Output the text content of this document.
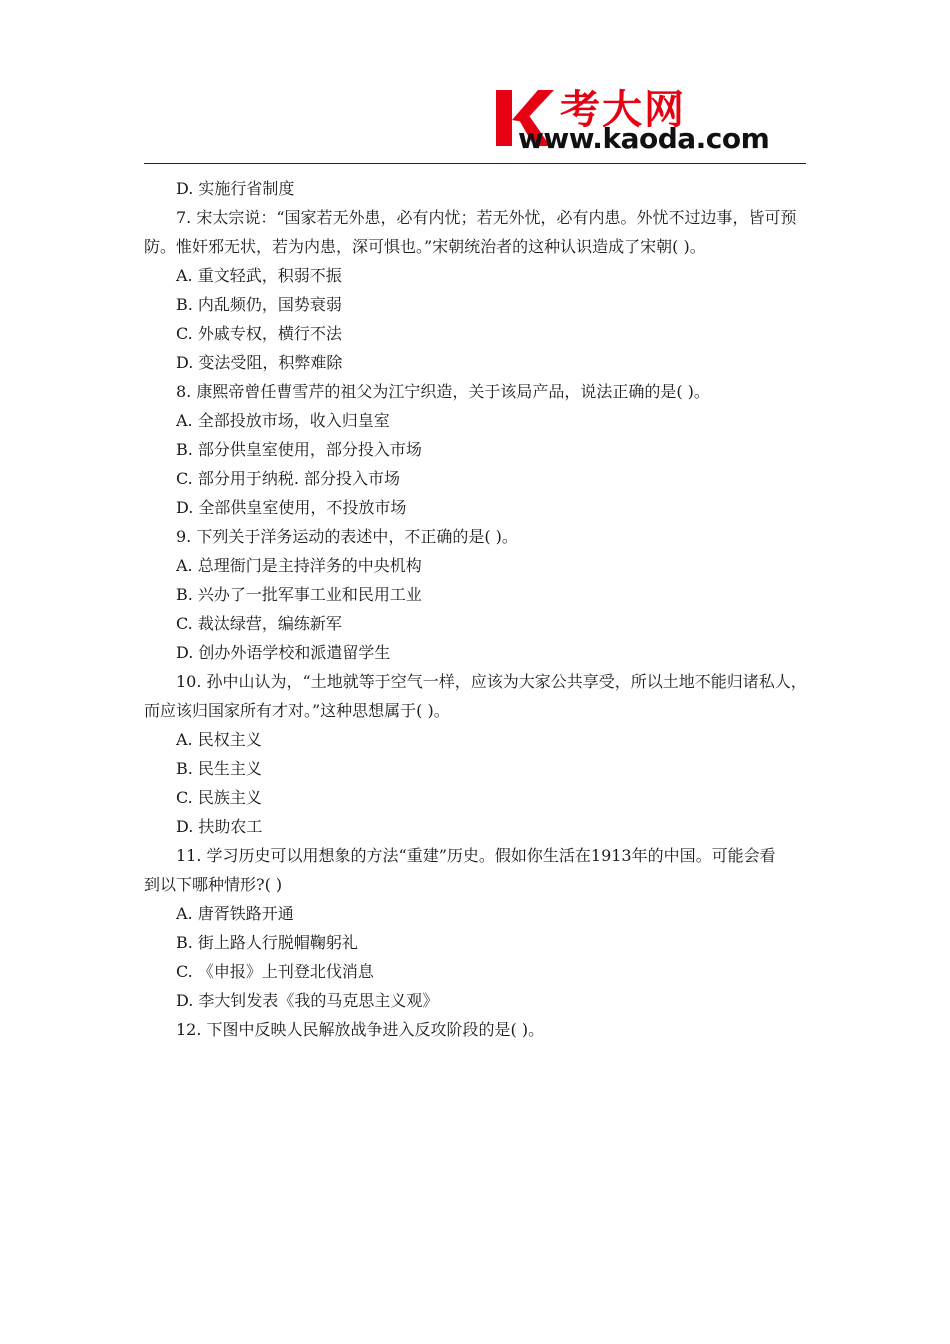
考大网
www.kaoda.com
D. 实施行省制度
7. 宋太宗说：“国家若无外患，必有内忧；若无外忧，必有内患。外忧不过边事，皆可预
防。惟奸邪无状，若为内患，深可惧也。”宋朝统治者的这种认识造成了宋朝( )。
A. 重文轻武，积弱不振
B. 内乱频仍，国势衰弱
C. 外戚专权，横行不法
D. 变法受阻，积弊难除
8. 康熙帝曾任曹雪芹的祖父为江宁织造，关于该局产品，说法正确的是( )。
A. 全部投放市场，收入归皇室
B. 部分供皇室使用，部分投入市场
C. 部分用于纳税. 部分投入市场
D. 全部供皇室使用，不投放市场
9. 下列关于洋务运动的表述中，不正确的是( )。
A. 总理衙门是主持洋务的中央机构
B. 兴办了一批军事工业和民用工业
C. 裁汰绿营，编练新军
D. 创办外语学校和派遣留学生
10. 孙中山认为，“土地就等于空气一样，应该为大家公共享受，所以土地不能归诸私人，
而应该归国家所有才对。”这种思想属于( )。
A. 民权主义
B. 民生主义
C. 民族主义
D. 扶助农工
11. 学习历史可以用想象的方法“重建”历史。假如你生活在1913年的中国。可能会看
到以下哪种情形?( )
A. 唐胥铁路开通
B. 街上路人行脱帽鞠躬礼
C. 《申报》上刊登北伐消息
D. 李大钊发表《我的马克思主义观》
12. 下图中反映人民解放战争进入反攻阶段的是( )。
